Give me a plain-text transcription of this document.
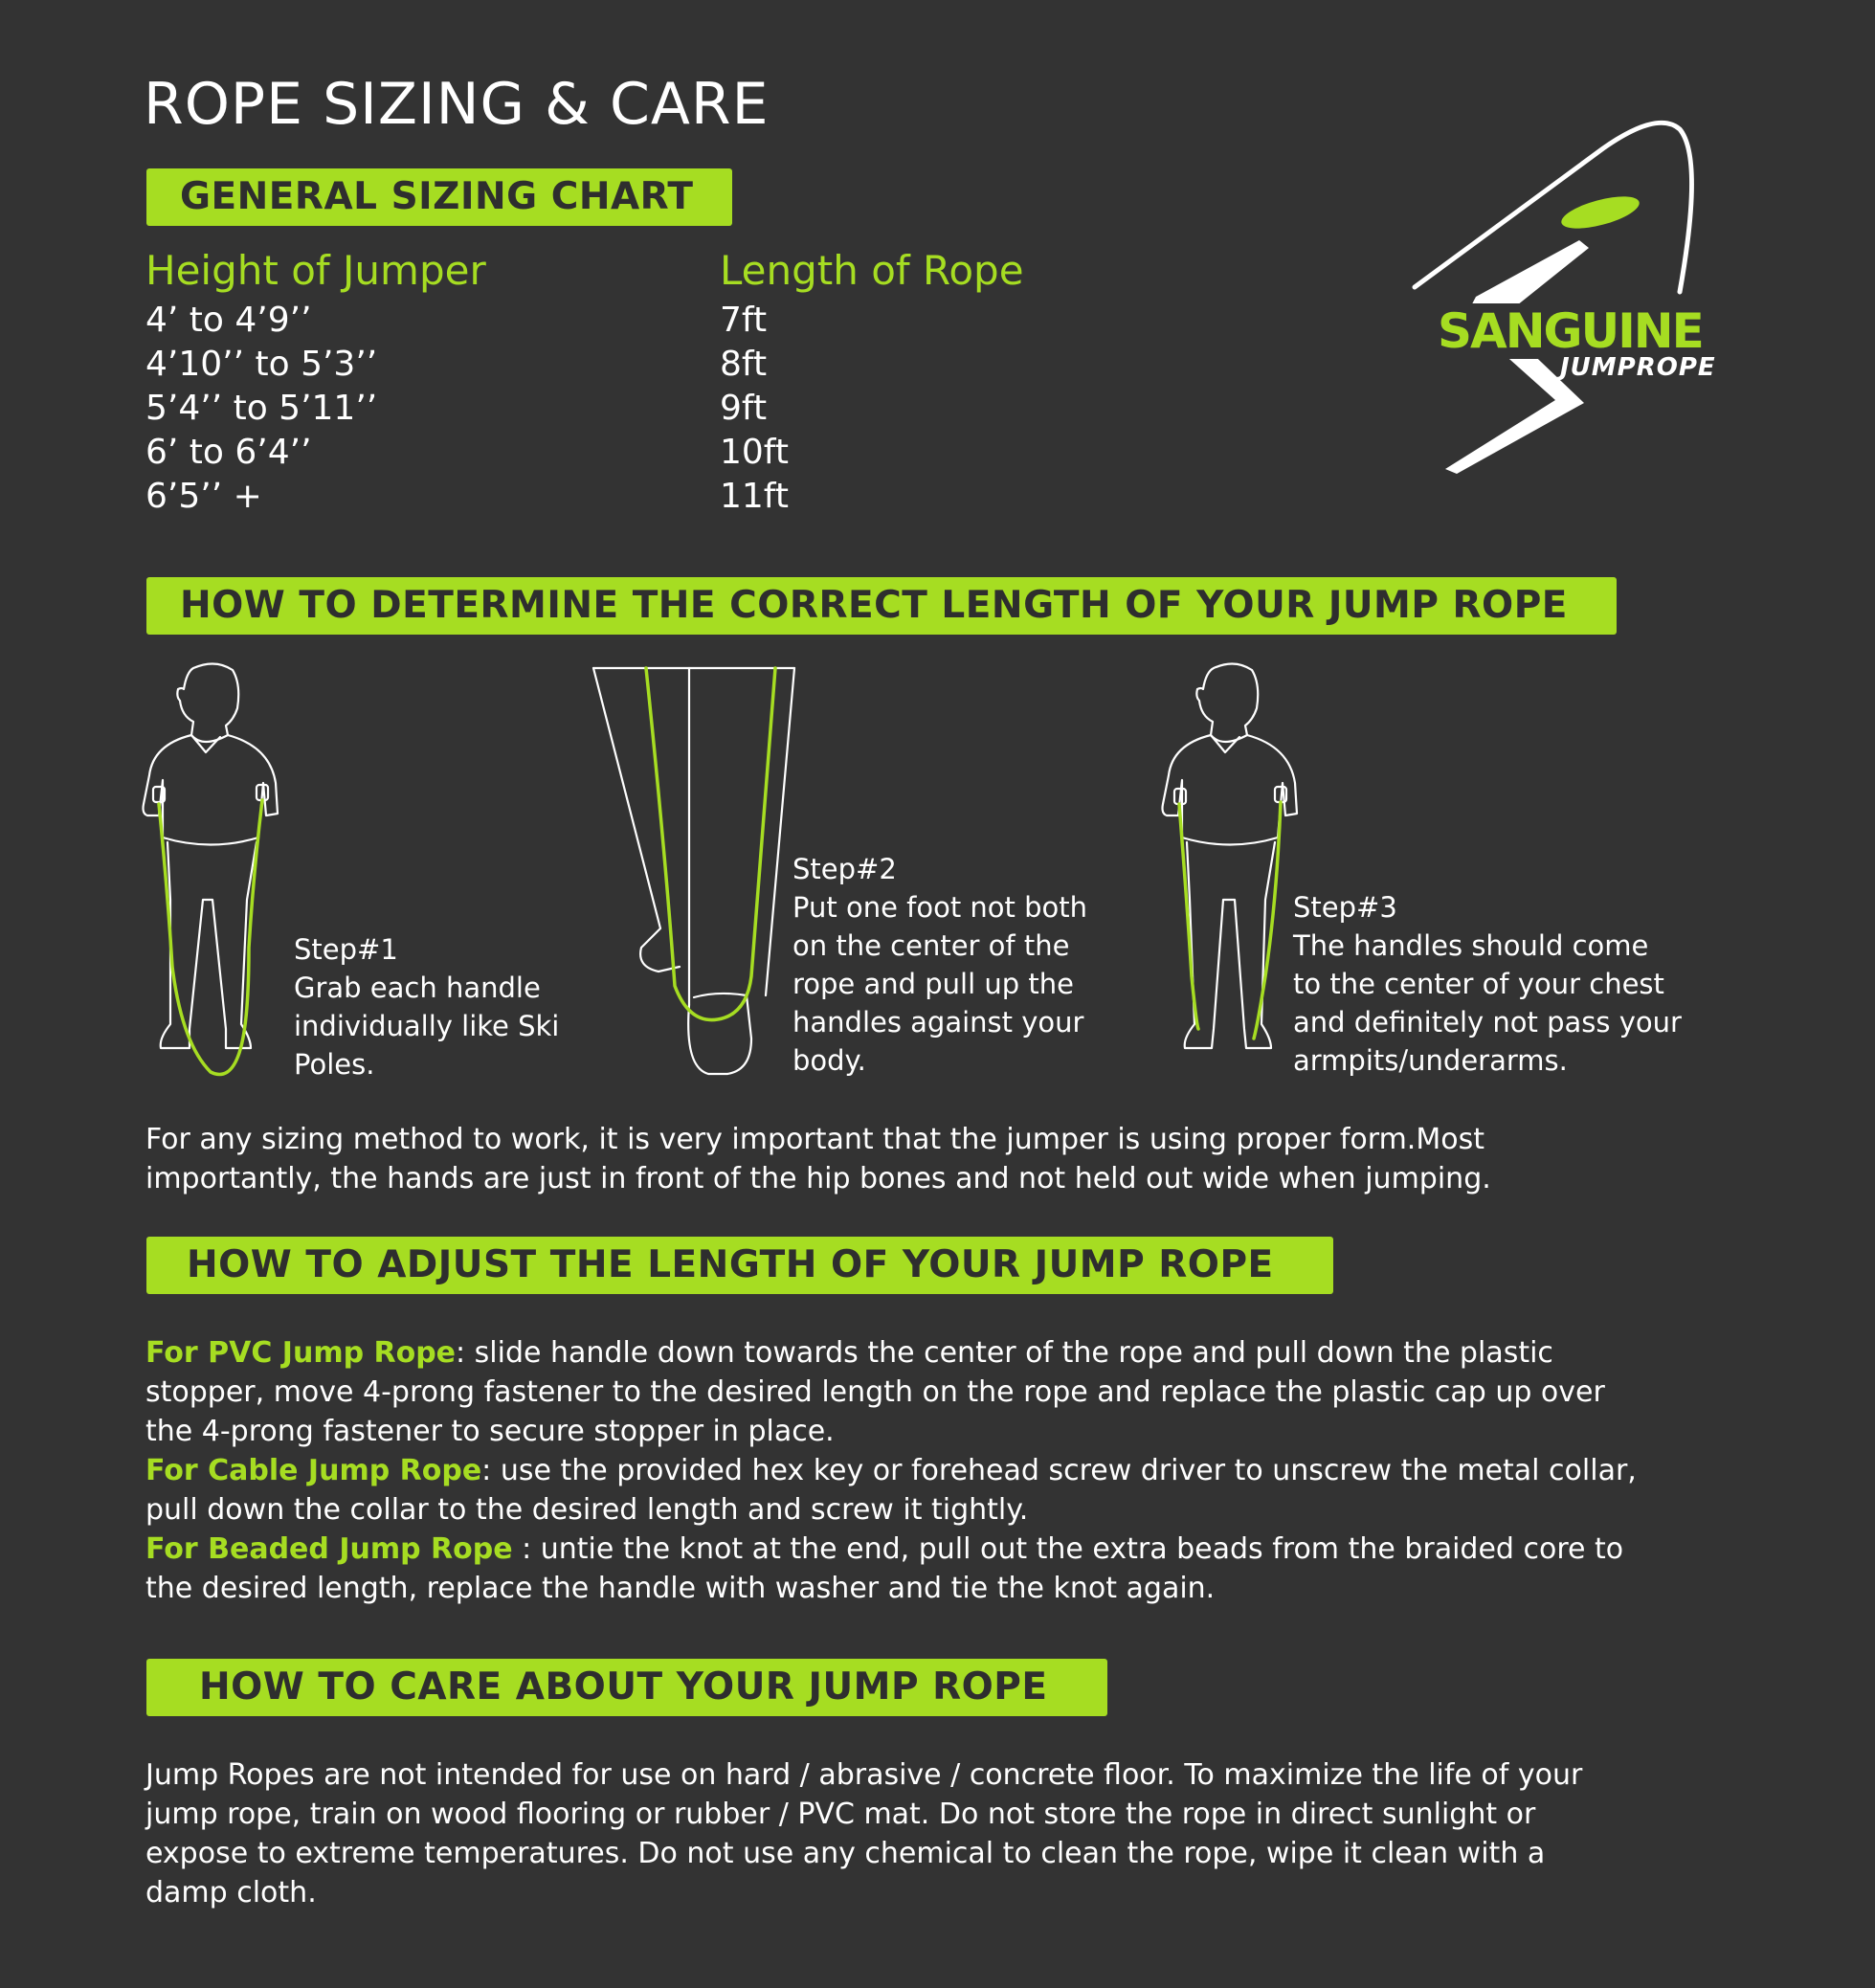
ROPE SIZING & CARE
GENERAL SIZING CHART
Height of Jumper	Length of Rope
4’ to 4’9’’
4’10’’ to 5’3’’
5’4’’ to 5’11’’
6’ to 6’4’’
6’5’’ +
7ft
8ft
9ft
10ft
11ft
SANGUINE
JUMPROPE
HOW TO DETERMINE THE CORRECT LENGTH OF YOUR JUMP ROPE
Step#1
Grab each handle
individually like Ski
Poles.
Step#2
Put one foot not both
on the center of the
rope and pull up the
handles against your
body.
Step#3
The handles should come
to the center of your chest
and definitely not pass your
armpits/underarms.
For any sizing method to work, it is very important that the jumper is using proper form.Most
importantly, the hands are just in front of the hip bones and not held out wide when jumping.
HOW TO ADJUST THE LENGTH OF YOUR JUMP ROPE
For PVC Jump Rope: slide handle down towards the center of the rope and pull down the plastic
stopper, move 4-prong fastener to the desired length on the rope and replace the plastic cap up over
the 4-prong fastener to secure stopper in place.
For Cable Jump Rope: use the provided hex key or forehead screw driver to unscrew the metal collar,
pull down the collar to the desired length and screw it tightly.
For Beaded Jump Rope : untie the knot at the end, pull out the extra beads from the braided core to
the desired length, replace the handle with washer and tie the knot again.
HOW TO CARE ABOUT YOUR JUMP ROPE
Jump Ropes are not intended for use on hard / abrasive / concrete floor. To maximize the life of your
jump rope, train on wood flooring or rubber / PVC mat. Do not store the rope in direct sunlight or
expose to extreme temperatures. Do not use any chemical to clean the rope, wipe it clean with a
damp cloth.
